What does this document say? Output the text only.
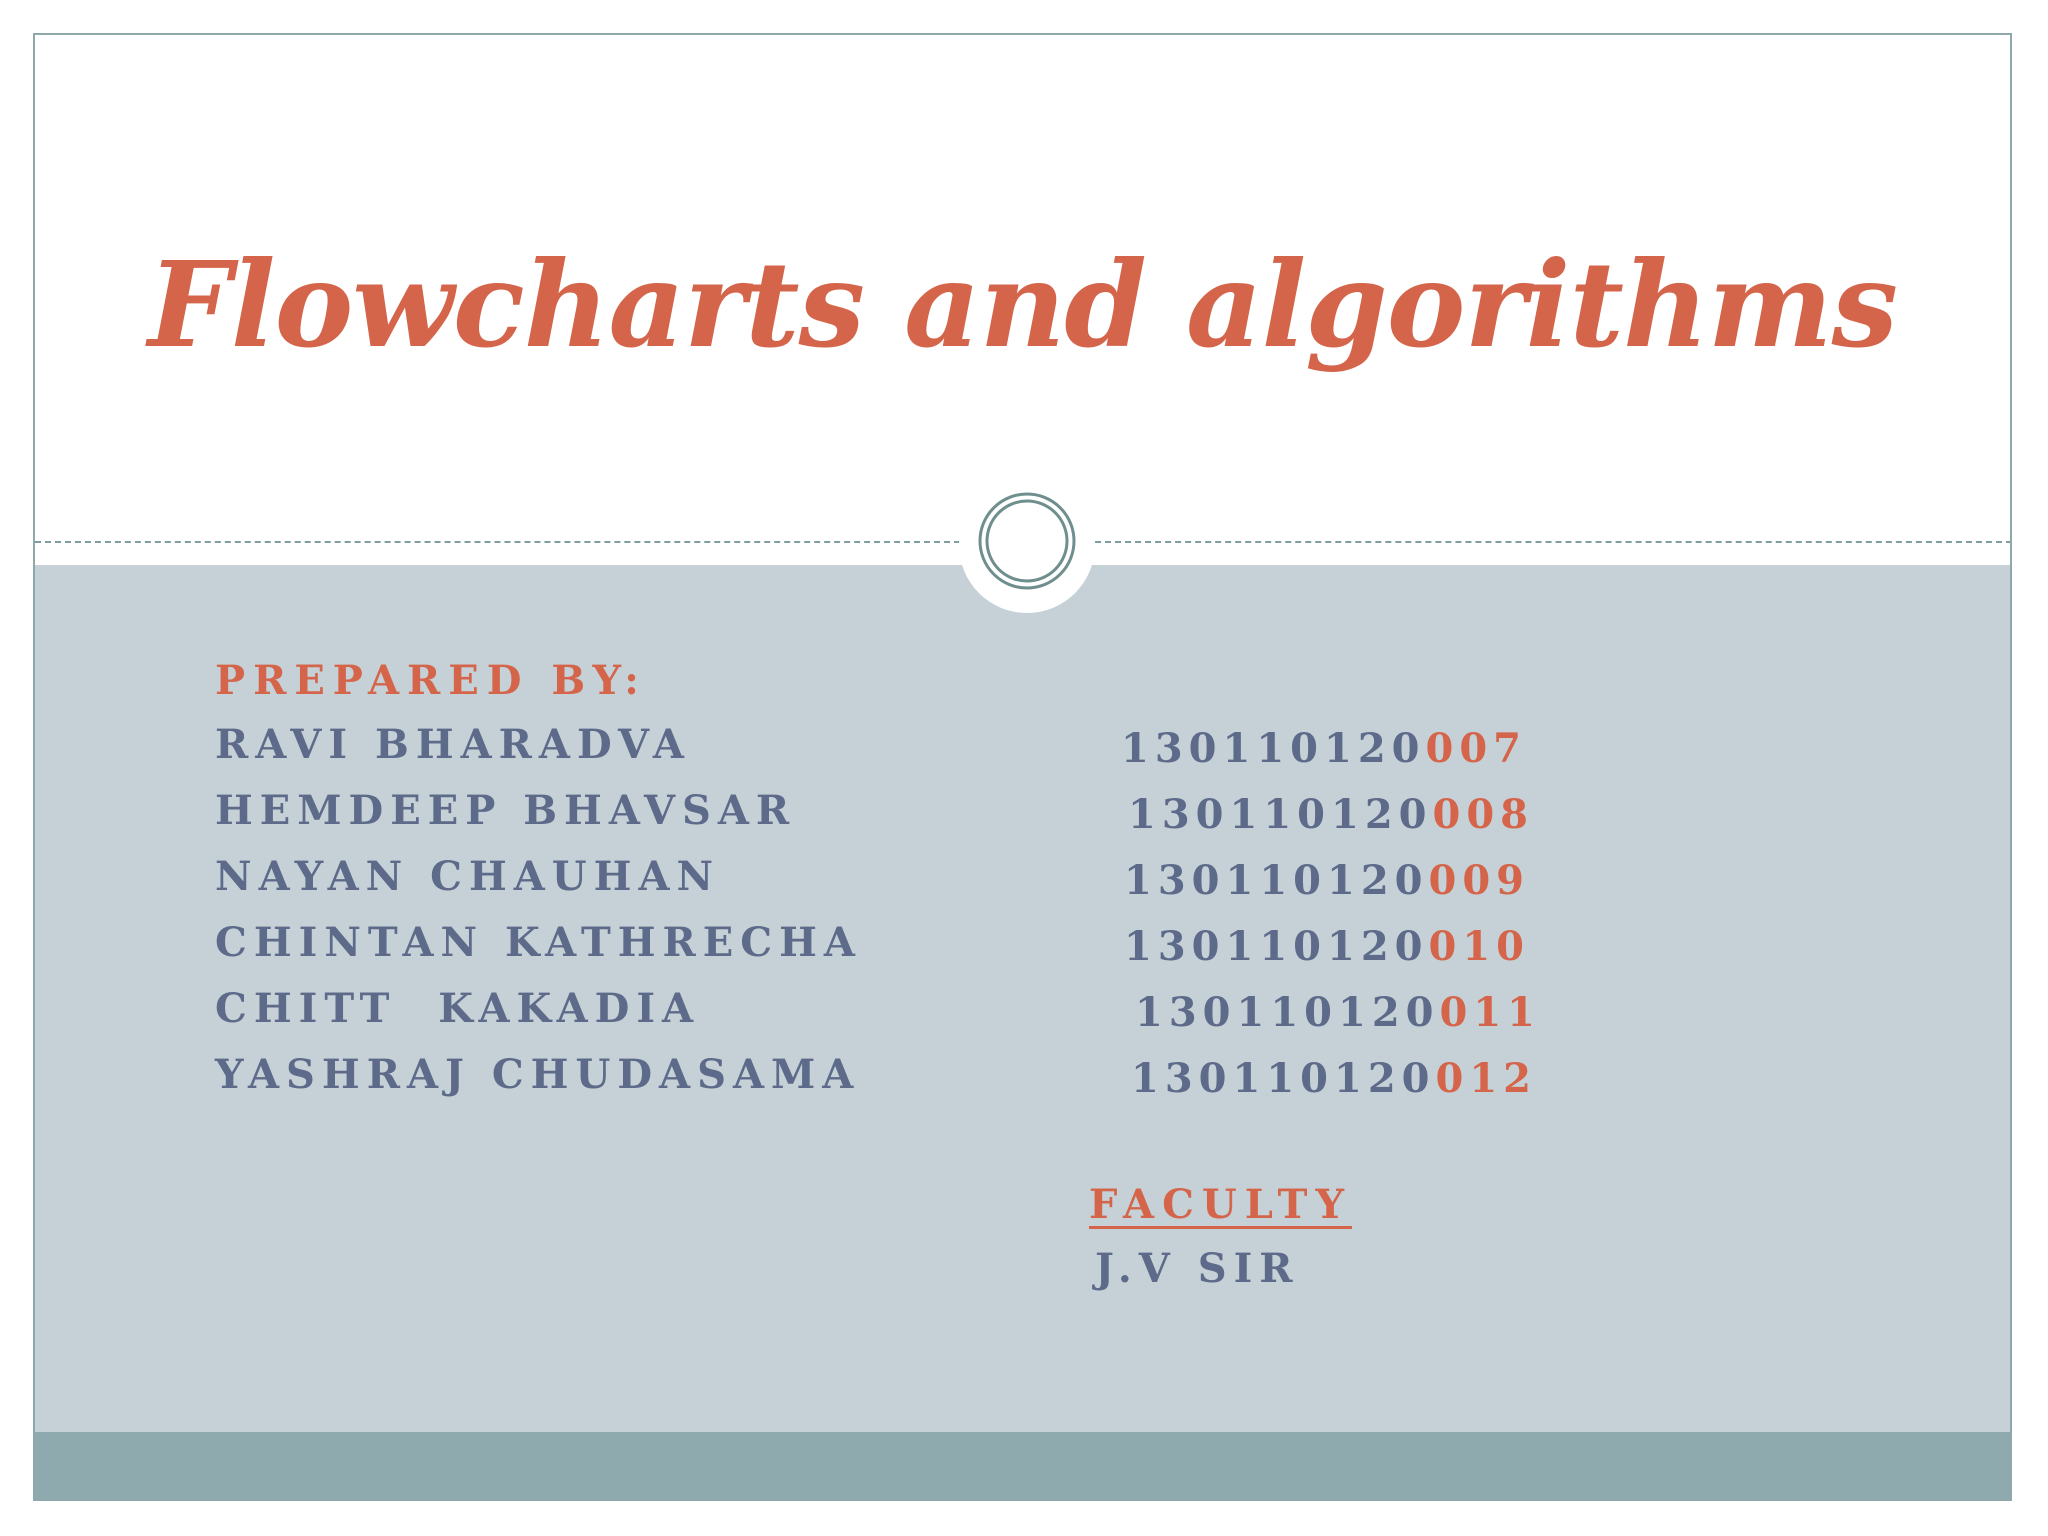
Flowcharts and algorithms

PREPARED BY:

RAVI BHARADVA	130110120007
HEMDEEP BHAVSAR	130110120008
NAYAN CHAUHAN	130110120009
CHINTAN KATHRECHA	130110120010
CHITT  KAKADIA	130110120011
YASHRAJ CHUDASAMA	130110120012

FACULTY

J.V SIR
